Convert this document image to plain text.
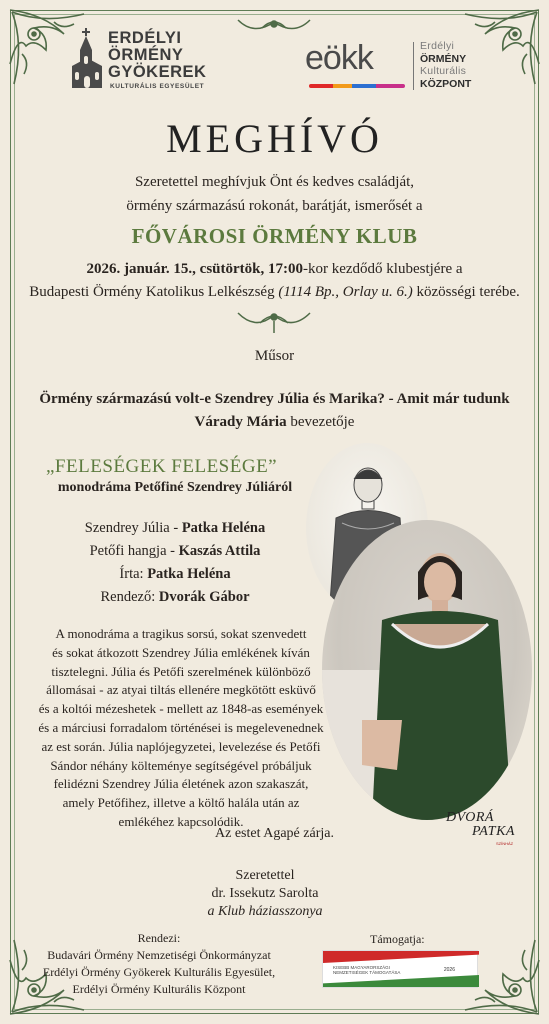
ERDÉLYI
ÖRMÉNY
GYÖKEREK
KULTURÁLIS EGYESÜLET
eökk	Erdélyi
ÖRMÉNY
Kulturális
KÖZPONT
MEGHÍVÓ
Szeretettel meghívjuk Önt és kedves családját,
örmény származású rokonát, barátját, ismerősét a
FŐVÁROSI ÖRMÉNY KLUB
2026. január. 15., csütörtök, 17:00-kor kezdődő klubestjére a
Budapesti Örmény Katolikus Lelkészség (1114 Bp., Orlay u. 6.) közösségi terébe.
Műsor
Örmény származású volt-e Szendrey Júlia és Marika? - Amit már tudunk
Várady Mária bevezetője
„FELESÉGEK FELESÉGE”
monodráma Petőfiné Szendrey Júliáról
Szendrey Júlia - Patka Heléna
Petőfi hangja - Kaszás Attila
Írta: Patka Heléna
Rendező: Dvorák Gábor
A monodráma a tragikus sorsú, sokat szenvedett
és sokat átkozott Szendrey Júlia emlékének kíván
tisztelegni. Júlia és Petőfi szerelmének különböző
állomásai - az atyai tiltás ellenére megkötött esküvő
és a koltói mézeshetek - mellett az 1848-as események
és a márciusi forradalom történései is megelevenednek
az est során. Júlia naplójegyzetei, levelezése és Petőfi
Sándor néhány költeménye segítségével próbáljuk
felidézni Szendrey Júlia életének azon szakaszát,
amely Petőfihez, illetve a költő halála után az
emlékéhez kapcsolódik.	DVORÁ
PATKA
SZÍNHÁZ
Az estet Agapé zárja.
Szeretettel
dr. Issekutz Sarolta
a Klub háziasszonya
Rendezi:
Budavári Örmény Nemzetiségi Önkormányzat
Erdélyi Örmény Gyökerek Kulturális Egyesület,
Erdélyi Örmény Kulturális Központ
Támogatja:
KISEBB MAGYARORSZÁGI
NEMZETISÉGEK TÁMOGATÁSA	2026
